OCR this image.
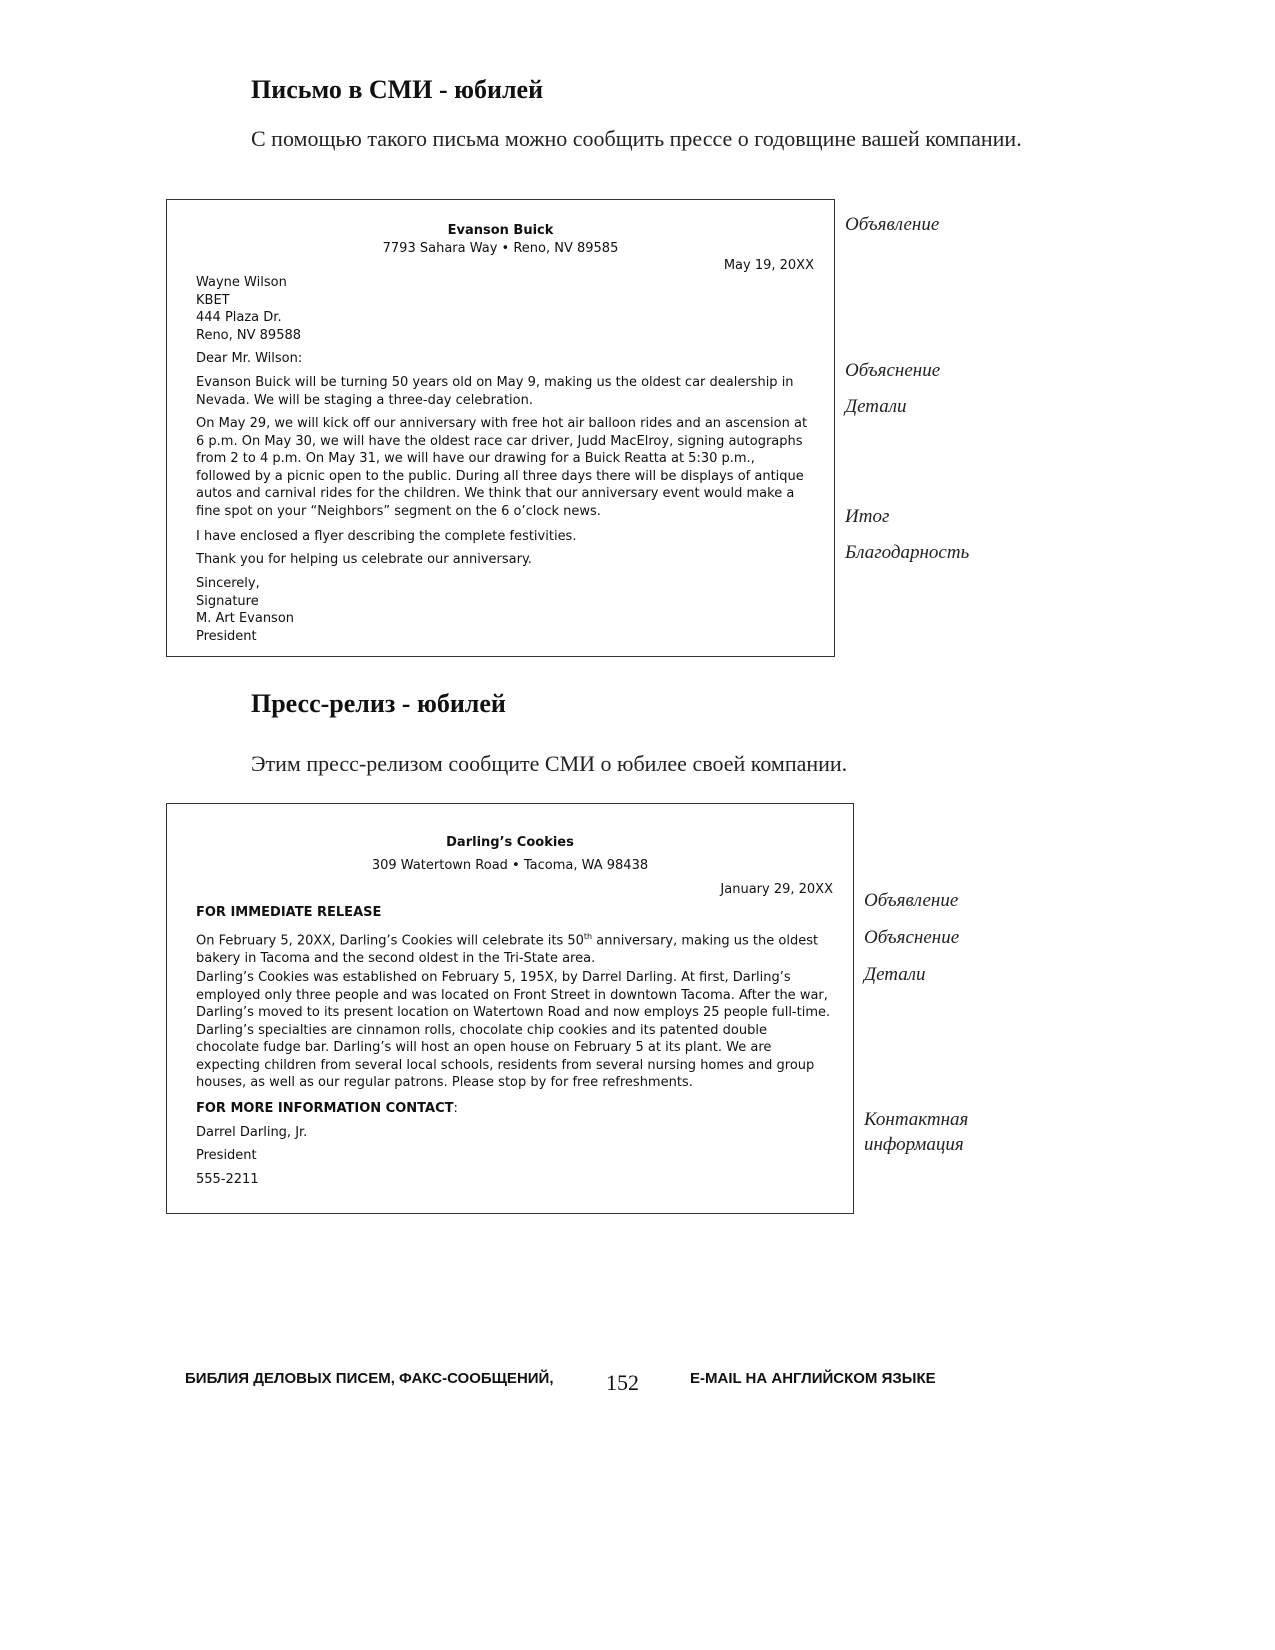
Письмо в СМИ - юбилей

С помощью такого письма можно сообщить прессе о годовщине вашей компании.

Evanson Buick

7793 Sahara Way • Reno, NV 89585

May 19, 20XX

Wayne Wilson

KBET

444 Plaza Dr.

Reno, NV 89588

Dear Mr. Wilson:

Evanson Buick will be turning 50 years old on May 9, making us the oldest car dealership in Nevada. We will be staging a three-day celebration.

On May 29, we will kick off our anniversary with free hot air balloon rides and an ascension at 6 p.m. On May 30, we will have the oldest race car driver, Judd MacElroy, signing autographs from 2 to 4 p.m. On May 31, we will have our drawing for a Buick Reatta at 5:30 p.m., followed by a picnic open to the public. During all three days there will be displays of antique autos and carnival rides for the children. We think that our anniversary event would make a fine spot on your “Neighbors” segment on the 6 o’clock news.

I have enclosed a flyer describing the complete festivities.

Thank you for helping us celebrate our anniversary.

Sincerely,

Signature

M. Art Evanson

President

Объявление

Объяснение

Детали

Итог

Благодарность

Пресс-релиз - юбилей

Этим пресс-релизом сообщите СМИ о юбилее своей компании.

Darling’s Cookies

309 Watertown Road • Tacoma, WA 98438

January 29, 20XX

FOR IMMEDIATE RELEASE

On February 5, 20XX, Darling’s Cookies will celebrate its 50th anniversary, making us the oldest bakery in Tacoma and the second oldest in the Tri-State area.

Darling’s Cookies was established on February 5, 195X, by Darrel Darling. At first, Darling’s employed only three people and was located on Front Street in downtown Tacoma. After the war, Darling’s moved to its present location on Watertown Road and now employs 25 people full-time. Darling’s specialties are cinnamon rolls, chocolate chip cookies and its patented double chocolate fudge bar. Darling’s will host an open house on February 5 at its plant. We are expecting children from several local schools, residents from several nursing homes and group houses, as well as our regular patrons. Please stop by for free refreshments.

FOR MORE INFORMATION CONTACT:

Darrel Darling, Jr.

President

555-2211

Объявление

Объяснение

Детали

Контактная

информация

БИБЛИЯ ДЕЛОВЫХ ПИСЕМ, ФАКС-СООБЩЕНИЙ, 152	E-MAIL НА АНГЛИЙСКОМ ЯЗЫКЕ
